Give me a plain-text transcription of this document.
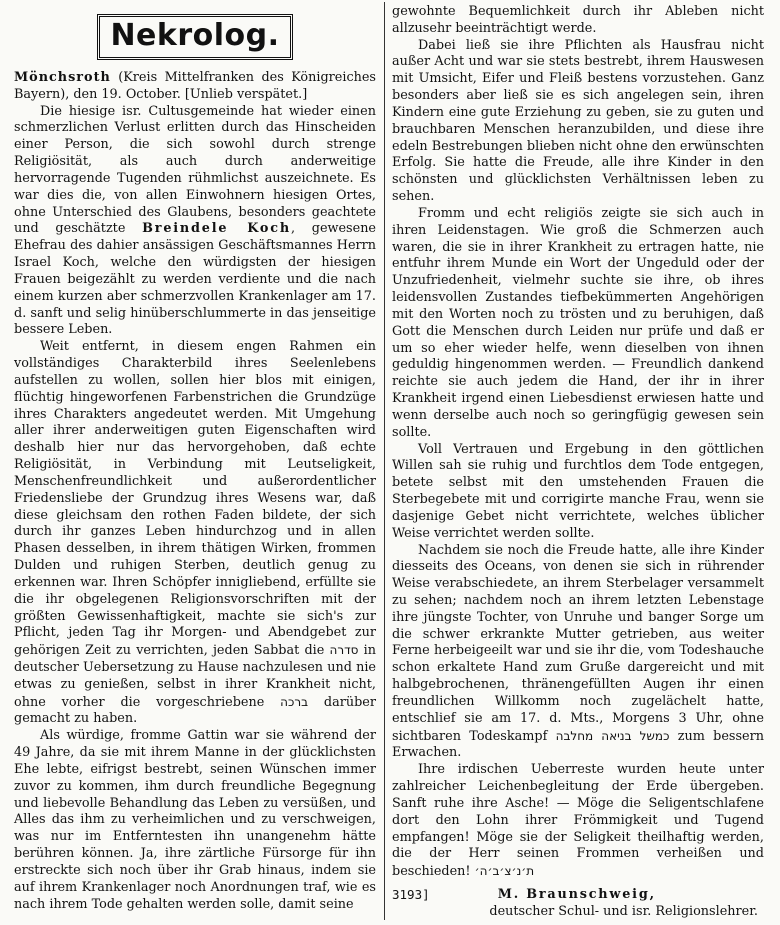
Nekrolog.

Mönchsroth (Kreis Mittelfranken des Königreiches Bayern), den 19. October. [Unlieb verspätet.]

Die hiesige isr. Cultusgemeinde hat wieder einen schmerzlichen Verlust erlitten durch das Hinscheiden einer Person, die sich sowohl durch strenge Religiösität, als auch durch anderweitige hervorragende Tugenden rühmlichst auszeichnete. Es war dies die, von allen Einwohnern hiesigen Ortes, ohne Unterschied des Glaubens, besonders geachtete und geschätzte Breindele Koch, gewesene Ehefrau des dahier ansässigen Geschäftsmannes Herrn Israel Koch, welche den würdigsten der hiesigen Frauen beigezählt zu werden verdiente und die nach einem kurzen aber schmerzvollen Krankenlager am 17. d. sanft und selig hinüberschlummerte in das jenseitige bessere Leben.

Weit entfernt, in diesem engen Rahmen ein vollständiges Charakterbild ihres Seelenlebens aufstellen zu wollen, sollen hier blos mit einigen, flüchtig hingeworfenen Farbenstrichen die Grundzüge ihres Charakters angedeutet werden. Mit Umgehung aller ihrer anderweitigen guten Eigenschaften wird deshalb hier nur das hervorgehoben, daß echte Religiösität, in Verbindung mit Leutseligkeit, Menschenfreundlichkeit und außerordentlicher Friedensliebe der Grundzug ihres Wesens war, daß diese gleichsam den rothen Faden bildete, der sich durch ihr ganzes Leben hindurchzog und in allen Phasen desselben, in ihrem thätigen Wirken, frommen Dulden und ruhigen Sterben, deutlich genug zu erkennen war. Ihren Schöpfer innigliebend, erfüllte sie die ihr obgelegenen Religionsvorschriften mit der größten Gewissenhaftigkeit, machte sie sich's zur Pflicht, jeden Tag ihr Morgen- und Abendgebet zur gehörigen Zeit zu verrichten, jeden Sabbat die סדרה in deutscher Uebersetzung zu Hause nachzulesen und nie etwas zu genießen, selbst in ihrer Krankheit nicht, ohne vorher die vorgeschriebene ברכה darüber gemacht zu haben.

Als würdige, fromme Gattin war sie während der 49 Jahre, da sie mit ihrem Manne in der glücklichsten Ehe lebte, eifrigst bestrebt, seinen Wünschen immer zuvor zu kommen, ihm durch freundliche Begegnung und liebevolle Behandlung das Leben zu versüßen, und Alles das ihm zu verheimlichen und zu verschweigen, was nur im Entferntesten ihn unangenehm hätte berühren können. Ja, ihre zärtliche Fürsorge für ihn erstreckte sich noch über ihr Grab hinaus, indem sie auf ihrem Krankenlager noch Anordnungen traf, wie es nach ihrem Tode gehalten werden solle, damit seine

gewohnte Bequemlichkeit durch ihr Ableben nicht allzusehr beeinträchtigt werde.

Dabei ließ sie ihre Pflichten als Hausfrau nicht außer Acht und war sie stets bestrebt, ihrem Hauswesen mit Umsicht, Eifer und Fleiß bestens vorzustehen. Ganz besonders aber ließ sie es sich angelegen sein, ihren Kindern eine gute Erziehung zu geben, sie zu guten und brauchbaren Menschen heranzubilden, und diese ihre edeln Bestrebungen blieben nicht ohne den erwünschten Erfolg. Sie hatte die Freude, alle ihre Kinder in den schönsten und glücklichsten Verhältnissen leben zu sehen.

Fromm und echt religiös zeigte sie sich auch in ihren Leidenstagen. Wie groß die Schmerzen auch waren, die sie in ihrer Krankheit zu ertragen hatte, nie entfuhr ihrem Munde ein Wort der Ungeduld oder der Unzufriedenheit, vielmehr suchte sie ihre, ob ihres leidensvollen Zustandes tiefbekümmerten Angehörigen mit den Worten noch zu trösten und zu beruhigen, daß Gott die Menschen durch Leiden nur prüfe und daß er um so eher wieder helfe, wenn dieselben von ihnen geduldig hingenommen werden. — Freundlich dankend reichte sie auch jedem die Hand, der ihr in ihrer Krankheit irgend einen Liebesdienst erwiesen hatte und wenn derselbe auch noch so geringfügig gewesen sein sollte.

Voll Vertrauen und Ergebung in den göttlichen Willen sah sie ruhig und furchtlos dem Tode entgegen, betete selbst mit den umstehenden Frauen die Sterbegebete mit und corrigirte manche Frau, wenn sie dasjenige Gebet nicht verrichtete, welches üblicher Weise verrichtet werden sollte.

Nachdem sie noch die Freude hatte, alle ihre Kinder diesseits des Oceans, von denen sie sich in rührender Weise verabschiedete, an ihrem Sterbelager versammelt zu sehen; nachdem noch an ihrem letzten Lebenstage ihre jüngste Tochter, von Unruhe und banger Sorge um die schwer erkrankte Mutter getrieben, aus weiter Ferne herbeigeeilt war und sie ihr die, vom Todeshauche schon erkaltete Hand zum Gruße dargereicht und mit halbgebrochenen, thränengefüllten Augen ihr einen freundlichen Willkomm noch zugelächelt hatte, entschlief sie am 17. d. Mts., Morgens 3 Uhr, ohne sichtbaren Todeskampf כמשל בניאה מחלבה zum bessern Erwachen.

Ihre irdischen Ueberreste wurden heute unter zahlreicher Leichenbegleitung der Erde übergeben. Sanft ruhe ihre Asche! — Möge die Seligentschlafene dort den Lohn ihrer Frömmigkeit und Tugend empfangen! Möge sie der Seligkeit theilhaftig werden, die der Herr seinen Frommen verheißen und beschieden! ת׳נ׳צ׳ב׳ה׳

3193]	M. Braunschweig,

deutscher Schul- und isr. Religionslehrer.
